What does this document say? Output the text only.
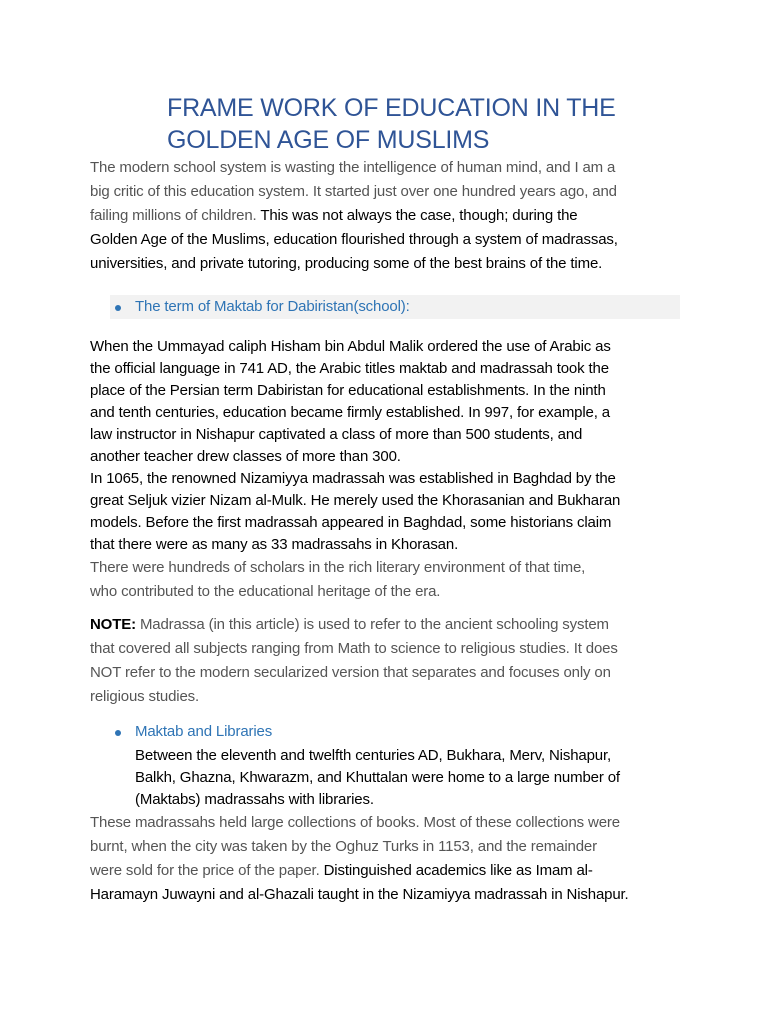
FRAME WORK OF EDUCATION IN THE
GOLDEN AGE OF MUSLIMS

The modern school system is wasting the intelligence of human mind, and I am a
big critic of this education system. It started just over one hundred years ago, and
failing millions of children. This was not always the case, though; during the
Golden Age of the Muslims, education flourished through a system of madrassas,
universities, and private tutoring, producing some of the best brains of the time.

The term of Maktab for Dabiristan(school):

When the Ummayad caliph Hisham bin Abdul Malik ordered the use of Arabic as
the official language in 741 AD, the Arabic titles maktab and madrassah took the
place of the Persian term Dabiristan for educational establishments. In the ninth
and tenth centuries, education became firmly established. In 997, for example, a
law instructor in Nishapur captivated a class of more than 500 students, and
another teacher drew classes of more than 300.
In 1065, the renowned Nizamiyya madrassah was established in Baghdad by the
great Seljuk vizier Nizam al-Mulk. He merely used the Khorasanian and Bukharan
models. Before the first madrassah appeared in Baghdad, some historians claim
that there were as many as 33 madrassahs in Khorasan.

There were hundreds of scholars in the rich literary environment of that time,
who contributed to the educational heritage of the era.

NOTE: Madrassa (in this article) is used to refer to the ancient schooling system
that covered all subjects ranging from Math to science to religious studies. It does
NOT refer to the modern secularized version that separates and focuses only on
religious studies.

Maktab and Libraries

Between the eleventh and twelfth centuries AD, Bukhara, Merv, Nishapur,
Balkh, Ghazna, Khwarazm, and Khuttalan were home to a large number of
(Maktabs) madrassahs with libraries.

These madrassahs held large collections of books. Most of these collections were
burnt, when the city was taken by the Oghuz Turks in 1153, and the remainder
were sold for the price of the paper. Distinguished academics like as Imam al-
Haramayn Juwayni and al-Ghazali taught in the Nizamiyya madrassah in Nishapur.
